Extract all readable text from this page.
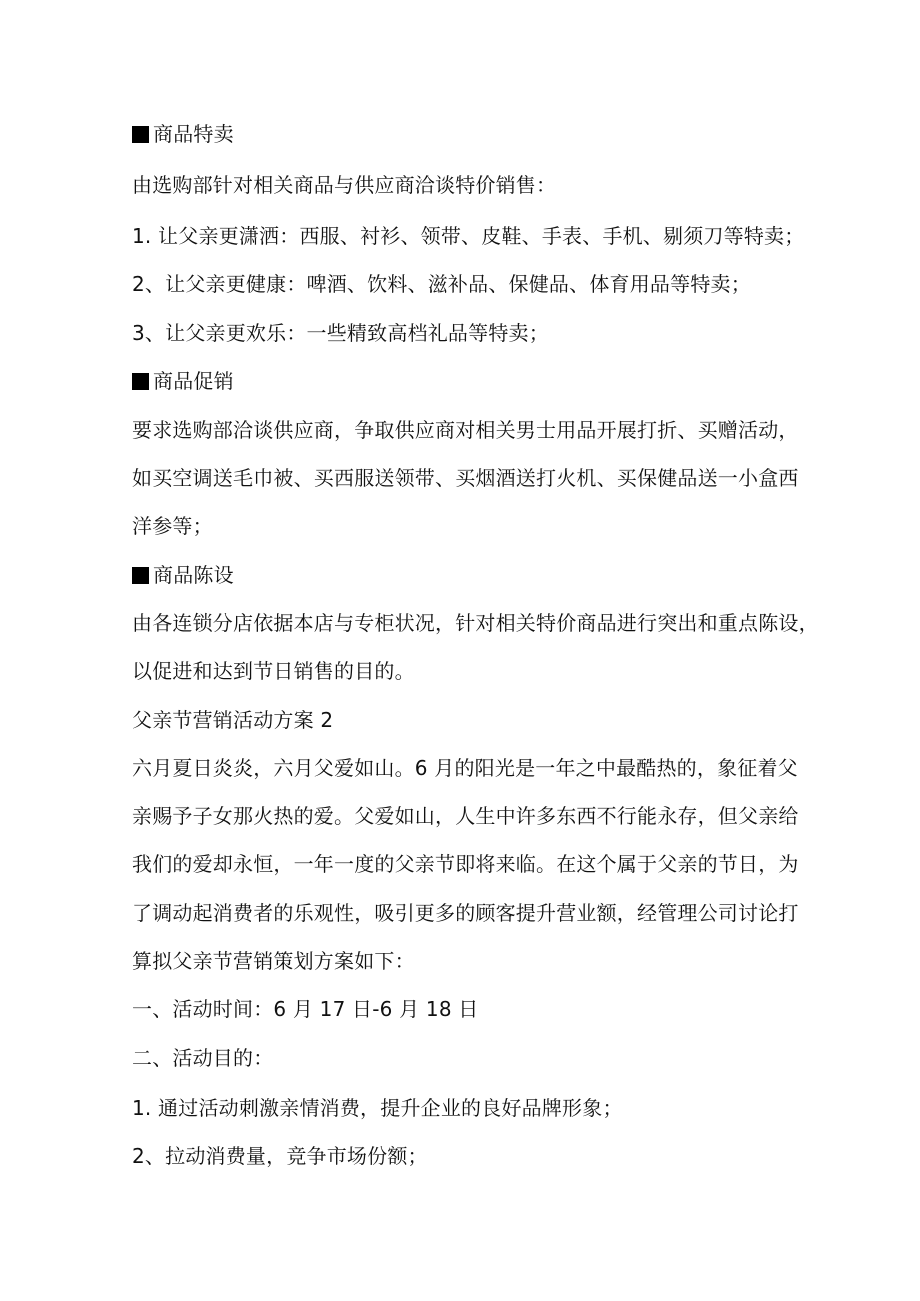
商品特卖
由选购部针对相关商品与供应商洽谈特价销售：
1. 让父亲更潇洒：西服、衬衫、领带、皮鞋、手表、手机、剔须刀等特卖；
2、让父亲更健康：啤酒、饮料、滋补品、保健品、体育用品等特卖；
3、让父亲更欢乐：一些精致高档礼品等特卖；
商品促销
要求选购部洽谈供应商，争取供应商对相关男士用品开展打折、买赠活动，
如买空调送毛巾被、买西服送领带、买烟酒送打火机、买保健品送一小盒西
洋参等；
商品陈设
由各连锁分店依据本店与专柜状况，针对相关特价商品进行突出和重点陈设，
以促进和达到节日销售的目的。
父亲节营销活动方案 2
六月夏日炎炎，六月父爱如山。6 月的阳光是一年之中最酷热的，象征着父
亲赐予子女那火热的爱。父爱如山，人生中许多东西不行能永存，但父亲给
我们的爱却永恒，一年一度的父亲节即将来临。在这个属于父亲的节日，为
了调动起消费者的乐观性，吸引更多的顾客提升营业额，经管理公司讨论打
算拟父亲节营销策划方案如下：
一、活动时间：6 月 17 日-6 月 18 日
二、活动目的：
1. 通过活动刺激亲情消费，提升企业的良好品牌形象；
2、拉动消费量，竞争市场份额；
